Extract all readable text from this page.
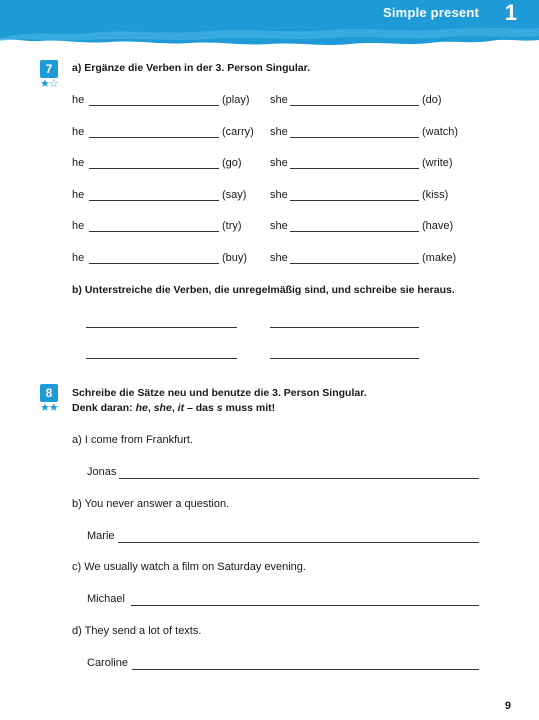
Simple present 1
7
★☆
a) Ergänze die Verben in der 3. Person Singular.
he	(play) she	(do)
he	(carry) she	(watch)
he	(go)	she	(write)
he	(say) she	(kiss)
he	(try)	she	(have)
he	(buy) she	(make)
b) Unterstreiche die Verben, die unregelmäßig sind, und schreibe sie heraus.
8
★★
Schreibe die Sätze neu und benutze die 3. Person Singular.
Denk daran: he, she, it – das s muss mit!
a) I come from Frankfurt.
Jonas
b) You never answer a question.
Marie
c) We usually watch a film on Saturday evening.
Michael
d) They send a lot of texts.
Caroline
9
